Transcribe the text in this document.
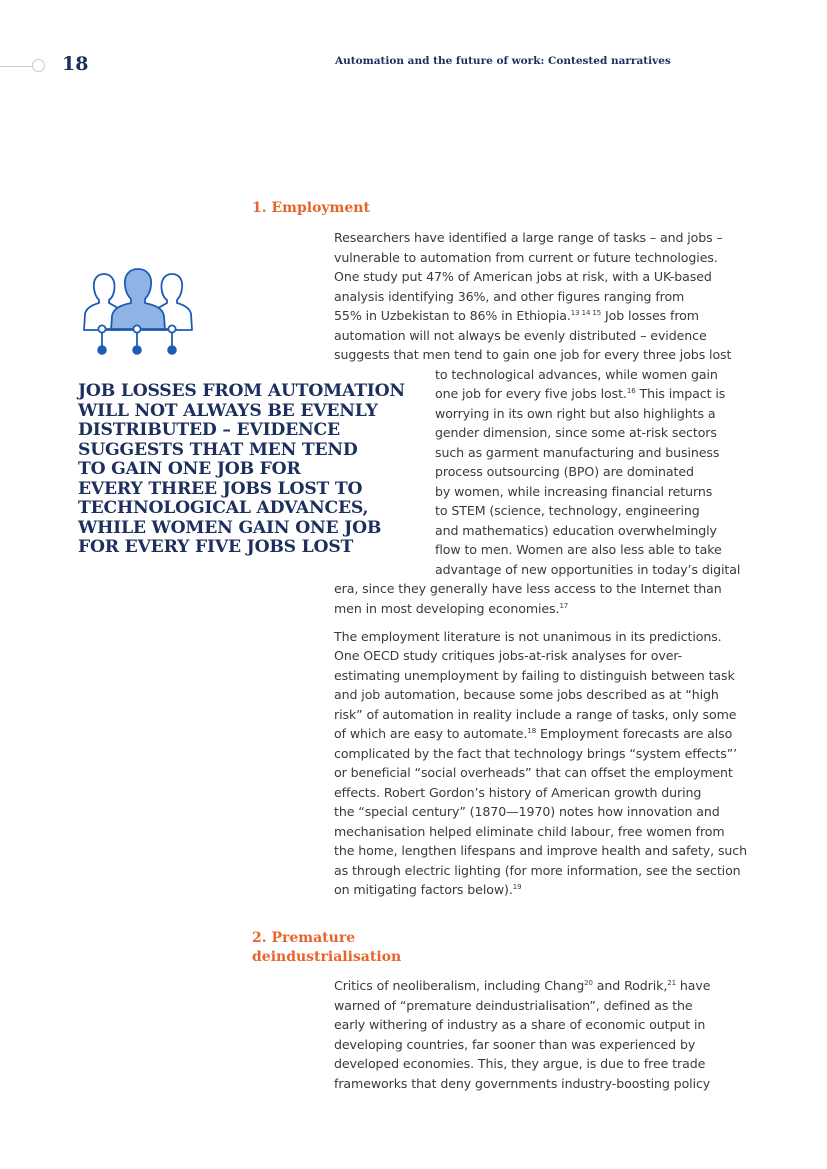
18	Automation and the future of work: Contested narratives
1. Employment
Researchers have identified a large range of tasks – and jobs –
vulnerable to automation from current or future technologies.
One study put 47% of American jobs at risk, with a UK-based
analysis identifying 36%, and other figures ranging from
55% in Uzbekistan to 86% in Ethiopia.$^{13 14 15}$ Job losses from
automation will not always be evenly distributed – evidence
suggests that men tend to gain one job for every three jobs lost
to technological advances, while women gain
one job for every five jobs lost.$^{16}$ This impact is
worrying in its own right but also highlights a
gender dimension, since some at-risk sectors
such as garment manufacturing and business
process outsourcing (BPO) are dominated
by women, while increasing financial returns
to STEM (science, technology, engineering
and mathematics) education overwhelmingly
flow to men. Women are also less able to take
advantage of new opportunities in today’s digital
era, since they generally have less access to the Internet than
men in most developing economies.$^{17}$
JOB LOSSES FROM AUTOMATION
WILL NOT ALWAYS BE EVENLY
DISTRIBUTED – EVIDENCE
SUGGESTS THAT MEN TEND
TO GAIN ONE JOB FOR
EVERY THREE JOBS LOST TO
TECHNOLOGICAL ADVANCES,
WHILE WOMEN GAIN ONE JOB
FOR EVERY FIVE JOBS LOST
The employment literature is not unanimous in its predictions.
One OECD study critiques jobs-at-risk analyses for over-
estimating unemployment by failing to distinguish between task
and job automation, because some jobs described as at “high
risk” of automation in reality include a range of tasks, only some
of which are easy to automate.$^{18}$ Employment forecasts are also
complicated by the fact that technology brings “system effects”’
or beneficial “social overheads” that can offset the employment
effects. Robert Gordon’s history of American growth during
the “special century” (1870—1970) notes how innovation and
mechanisation helped eliminate child labour, free women from
the home, lengthen lifespans and improve health and safety, such
as through electric lighting (for more information, see the section
on mitigating factors below).$^{19}$
2. Premature
deindustrialisation
Critics of neoliberalism, including Chang$^{20}$ and Rodrik,$^{21}$ have
warned of “premature deindustrialisation”, defined as the
early withering of industry as a share of economic output in
developing countries, far sooner than was experienced by
developed economies. This, they argue, is due to free trade
frameworks that deny governments industry-boosting policy
